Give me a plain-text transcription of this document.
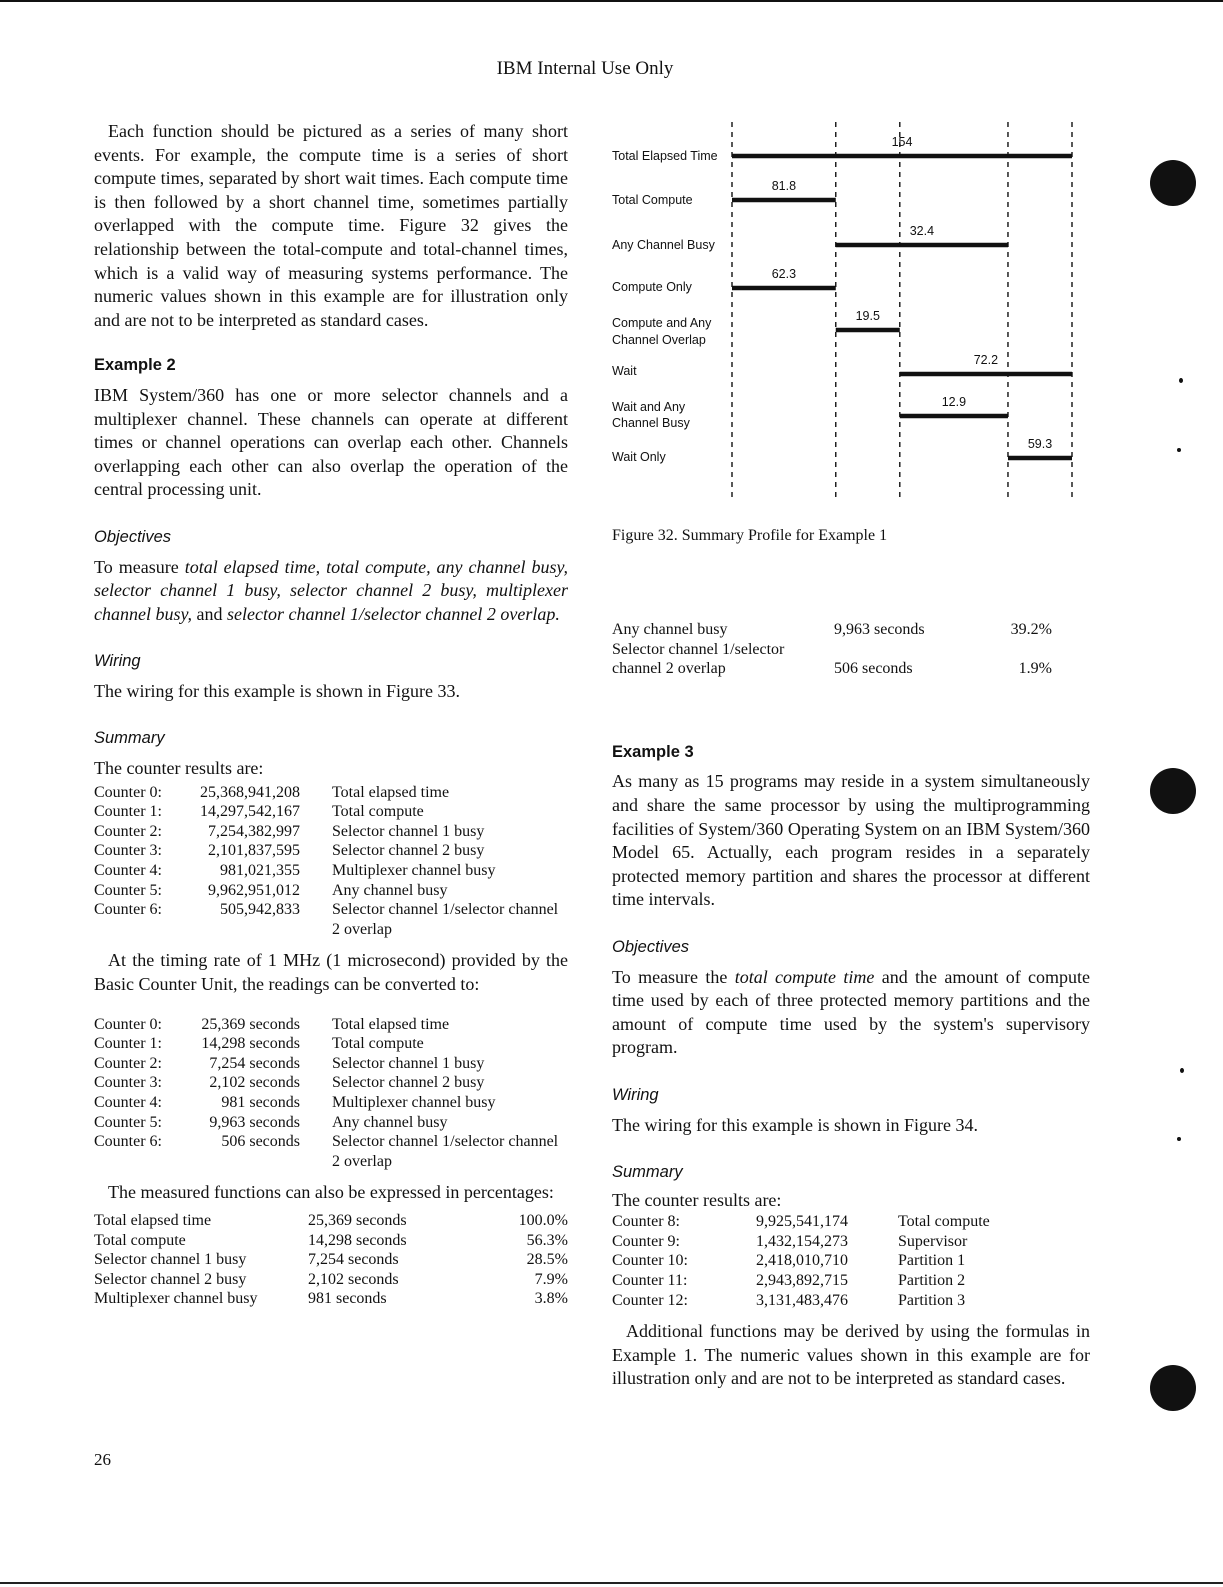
IBM Internal Use Only

Each function should be pictured as a series of many short events. For example, the compute time is a series of short compute times, separated by short wait times. Each compute time is then followed by a short channel time, sometimes partially overlapped with the compute time. Figure 32 gives the relationship between the total-compute and total-channel times, which is a valid way of measuring systems performance. The numeric values shown in this example are for illustration only and are not to be interpreted as standard cases.

Example 2

IBM System/360 has one or more selector channels and a multiplexer channel. These channels can operate at different times or channel operations can overlap each other. Channels overlapping each other can also overlap the operation of the central processing unit.

Objectives

To measure total elapsed time, total compute, any channel busy, selector channel 1 busy, selector channel 2 busy, multiplexer channel busy, and selector channel 1/selector channel 2 overlap.

Wiring

The wiring for this example is shown in Figure 33.

Summary

The counter results are:

Counter 0:	25,368,941,208	Total elapsed time
Counter 1:	14,297,542,167	Total compute
Counter 2:	7,254,382,997	Selector channel 1 busy
Counter 3:	2,101,837,595	Selector channel 2 busy
Counter 4:	981,021,355	Multiplexer channel busy
Counter 5:	9,962,951,012	Any channel busy
Counter 6:	505,942,833	Selector channel 1/selector channel 2 overlap

At the timing rate of 1 MHz (1 microsecond) provided by the Basic Counter Unit, the readings can be converted to:

Counter 0:	25,369 seconds	Total elapsed time
Counter 1:	14,298 seconds	Total compute
Counter 2:	7,254 seconds	Selector channel 1 busy
Counter 3:	2,102 seconds	Selector channel 2 busy
Counter 4:	981 seconds	Multiplexer channel busy
Counter 5:	9,963 seconds	Any channel busy
Counter 6:	506 seconds	Selector channel 1/selector channel 2 overlap

The measured functions can also be expressed in percentages:

Total elapsed time	25,369 seconds	100.0%
Total compute	14,298 seconds	56.3%
Selector channel 1 busy	7,254 seconds	28.5%
Selector channel 2 busy	2,102 seconds	7.9%
Multiplexer channel busy	981 seconds	3.8%
Total Elapsed Time
154
Total Compute
81.8
Any Channel Busy
32.4
Compute Only
62.3
Compute and Any
Channel Overlap
19.5
Wait
72.2
Wait and Any
Channel Busy
12.9
Wait Only
59.3
Figure 32. Summary Profile for Example 1
Any channel busy	9,963 seconds	39.2%
Selector channel 1/selector channel 2 overlap	506 seconds	1.9%

Example 3

As many as 15 programs may reside in a system simultaneously and share the same processor by using the multiprogramming facilities of System/360 Operating System on an IBM System/360 Model 65. Actually, each program resides in a separately protected memory partition and shares the processor at different time intervals.

Objectives

To measure the total compute time and the amount of compute time used by each of three protected memory partitions and the amount of compute time used by the system's supervisory program.

Wiring

The wiring for this example is shown in Figure 34.

Summary

The counter results are:

Counter 8:	9,925,541,174	Total compute
Counter 9:	1,432,154,273	Supervisor
Counter 10:	2,418,010,710	Partition 1
Counter 11:	2,943,892,715	Partition 2
Counter 12:	3,131,483,476	Partition 3

Additional functions may be derived by using the formulas in Example 1. The numeric values shown in this example are for illustration only and are not to be interpreted as standard cases.

26
